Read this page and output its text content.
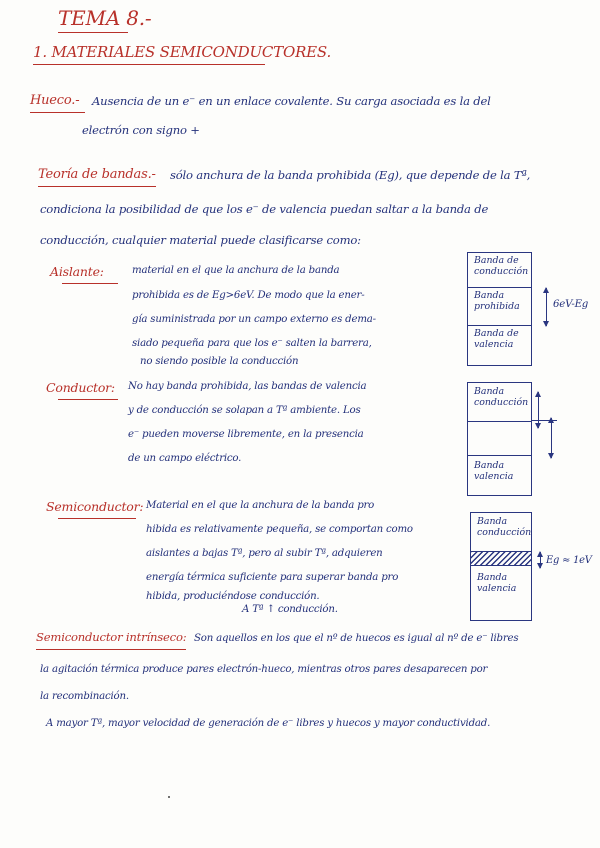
TEMA 8.-
1. MATERIALES SEMICONDUCTORES.
Hueco.- Ausencia de un e⁻ en un enlace covalente. Su carga asociada es la del
electrón con signo +
Teoría de bandas.- sólo anchura de la banda prohibida (Eg), que depende de la Tª,
condiciona la posibilidad de que los e⁻ de valencia puedan saltar a la banda de
conducción, cualquier material puede clasificarse como:
Aislante:	material en el que la anchura de la banda
prohibida es de Eg>6eV. De modo que la ener-
gía suministrada por un campo externo es dema-
siado pequeña para que los e⁻ salten la barrera,
no siendo posible la conducción
Banda de conducción
Banda prohibida
Banda de valencia
6eV-Eg
Conductor: No hay banda prohibida, las bandas de valencia
y de conducción se solapan a Tª ambiente. Los
e⁻ pueden moverse libremente, en la presencia
de un campo eléctrico.
Banda conducción
Banda valencia
Semiconductor: Material en el que la anchura de la banda pro
hibida es relativamente pequeña, se comportan como
aislantes a bajas Tª, pero al subir Tª, adquieren
energía térmica suficiente para superar banda pro
hibida, produciéndose conducción.
A Tª ↑ conducción.
Banda conducción
Banda valencia
Eg ≈ 1eV
Semiconductor intrínseco: Son aquellos en los que el nº de huecos es igual al nº de e⁻ libres
la agitación térmica produce pares electrón-hueco, mientras otros pares desaparecen por
la recombinación.
A mayor Tª, mayor velocidad de generación de e⁻ libres y huecos y mayor conductividad.
